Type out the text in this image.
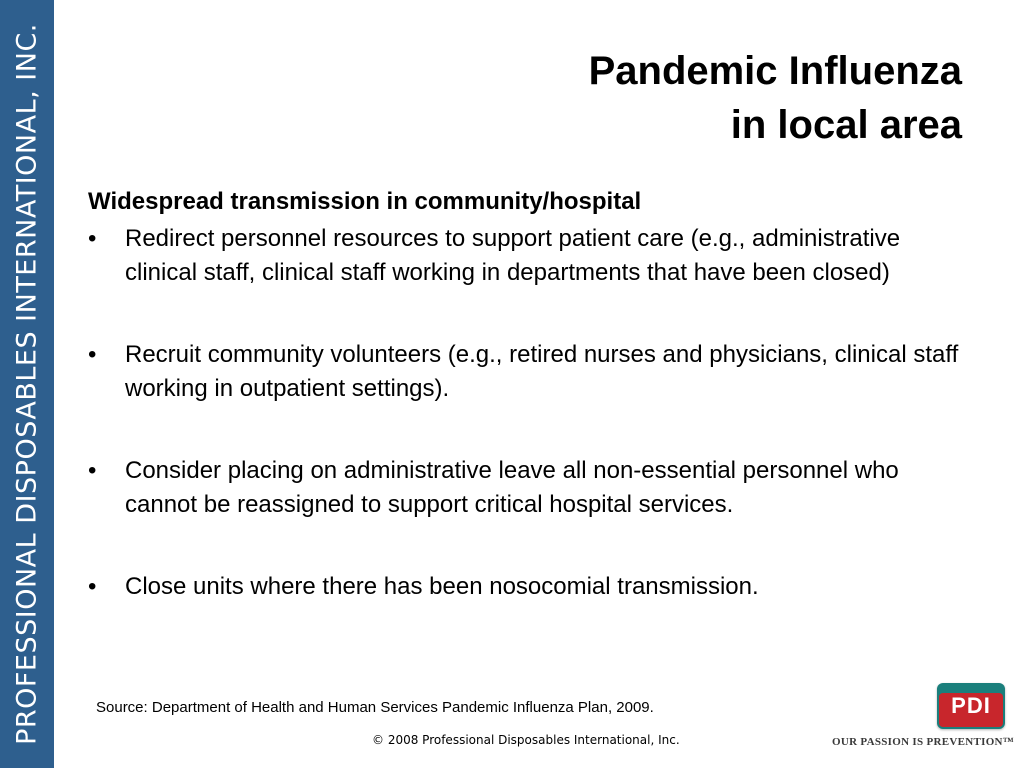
PROFESSIONAL DISPOSABLES INTERNATIONAL, INC.	Pandemic Influenza
in local area
Widespread transmission in community/hospital
• Redirect personnel resources to support patient care (e.g., administrative clinical staff, clinical staff working in departments that have been closed)
• Recruit community volunteers (e.g., retired nurses and physicians, clinical staff working in outpatient settings).
• Consider placing on administrative leave all non-essential personnel who cannot be reassigned to support critical hospital services.
• Close units where there has been nosocomial transmission.
Source: Department of Health and Human Services Pandemic Influenza Plan, 2009.
© 2008 Professional Disposables International, Inc.
PDI
OUR PASSION IS PREVENTION™
